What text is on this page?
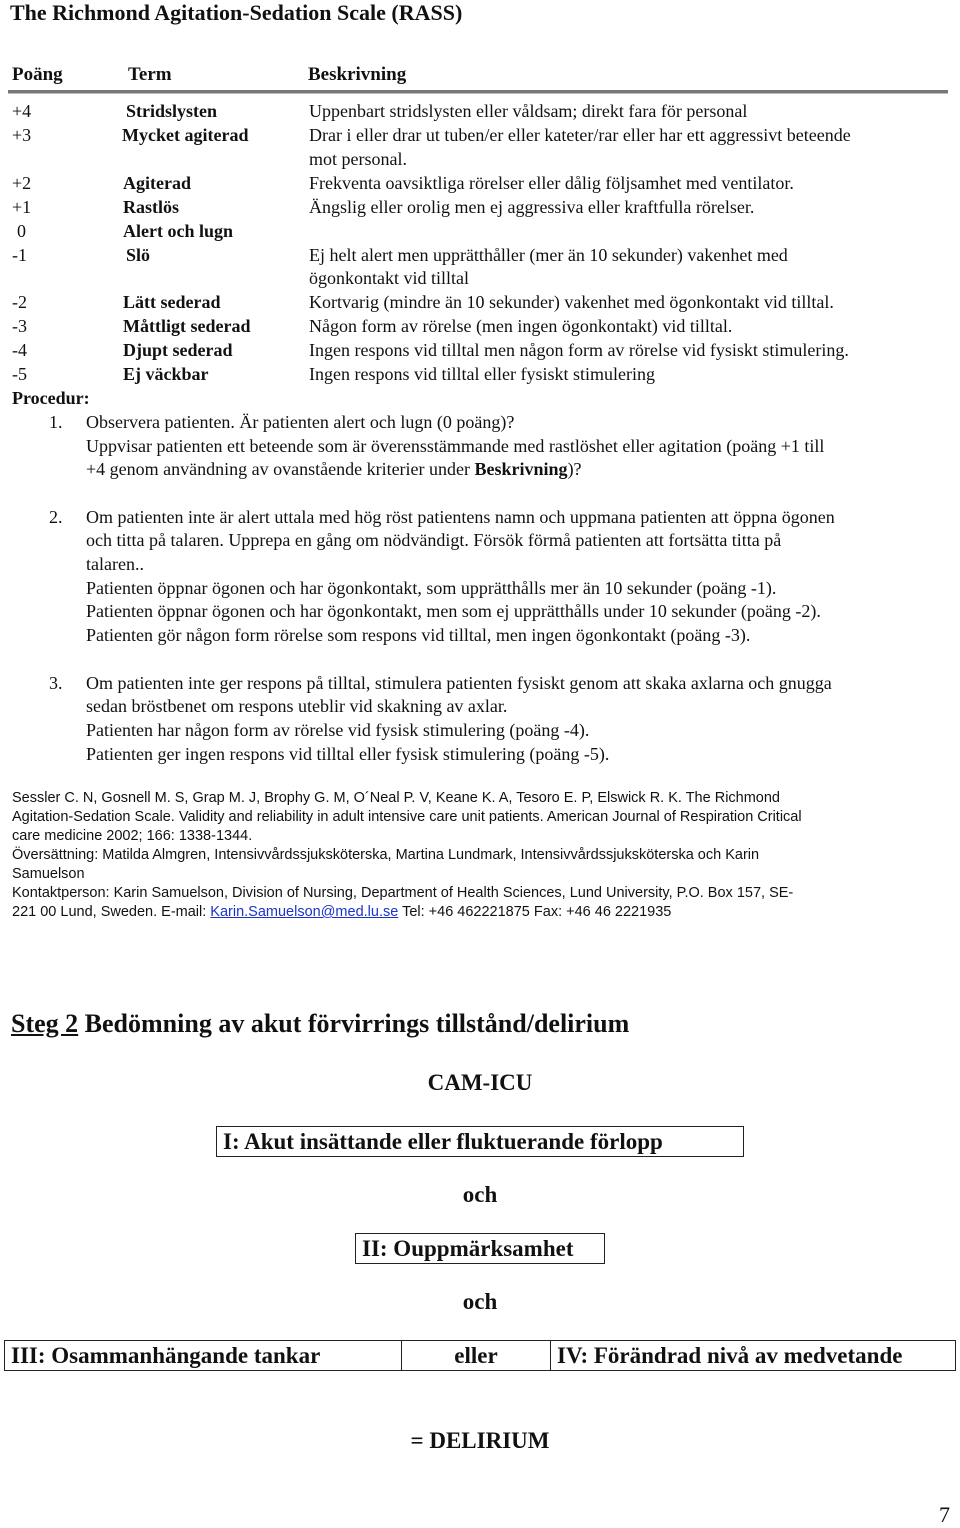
The Richmond Agitation-Sedation Scale (RASS)
Poäng	Term	Beskrivning
+4	Stridslysten	Uppenbart stridslysten eller våldsam; direkt fara för personal
+3	Mycket agiterad	Drar i eller drar ut tuben/er eller kateter/rar eller har ett aggressivt beteende
mot personal.
+2	Agiterad	Frekventa oavsiktliga rörelser eller dålig följsamhet med ventilator.
+1	Rastlös	Ängslig eller orolig men ej aggressiva eller kraftfulla rörelser.
0	Alert och lugn
-1	Slö	Ej helt alert men upprätthåller (mer än 10 sekunder) vakenhet med
ögonkontakt vid tilltal
-2	Lätt sederad	Kortvarig (mindre än 10 sekunder) vakenhet med ögonkontakt vid tilltal.
-3	Måttligt sederad	Någon form av rörelse (men ingen ögonkontakt) vid tilltal.
-4	Djupt sederad	Ingen respons vid tilltal men någon form av rörelse vid fysiskt stimulering.
-5	Ej väckbar	Ingen respons vid tilltal eller fysiskt stimulering
Procedur:
1. Observera patienten. Är patienten alert och lugn (0 poäng)?
Uppvisar patienten ett beteende som är överensstämmande med rastlöshet eller agitation (poäng +1 till
+4 genom användning av ovanstående kriterier under Beskrivning)?
2. Om patienten inte är alert uttala med hög röst patientens namn och uppmana patienten att öppna ögonen
och titta på talaren. Upprepa en gång om nödvändigt. Försök förmå patienten att fortsätta titta på
talaren..
Patienten öppnar ögonen och har ögonkontakt, som upprätthålls mer än 10 sekunder (poäng -1).
Patienten öppnar ögonen och har ögonkontakt, men som ej upprätthålls under 10 sekunder (poäng -2).
Patienten gör någon form rörelse som respons vid tilltal, men ingen ögonkontakt (poäng -3).
3. Om patienten inte ger respons på tilltal, stimulera patienten fysiskt genom att skaka axlarna och gnugga
sedan bröstbenet om respons uteblir vid skakning av axlar.
Patienten har någon form av rörelse vid fysisk stimulering (poäng -4).
Patienten ger ingen respons vid tilltal eller fysisk stimulering (poäng -5).
Sessler C. N, Gosnell M. S, Grap M. J, Brophy G. M, O´Neal P. V, Keane K. A, Tesoro E. P, Elswick R. K. The Richmond
Agitation-Sedation Scale. Validity and reliability in adult intensive care unit patients. American Journal of Respiration Critical
care medicine 2002; 166: 1338-1344.
Översättning: Matilda Almgren, Intensivvårdssjuksköterska, Martina Lundmark, Intensivvårdssjuksköterska och Karin
Samuelson
Kontaktperson: Karin Samuelson, Division of Nursing, Department of Health Sciences, Lund University, P.O. Box 157, SE-
221 00 Lund, Sweden. E-mail: Karin.Samuelson@med.lu.se Tel: +46 462221875 Fax: +46 46 2221935
Steg 2 Bedömning av akut förvirrings tillstånd/delirium
CAM-ICU
I: Akut insättande eller fluktuerande förlopp
och
II: Ouppmärksamhet
och
III: Osammanhängande tankar	eller	IV: Förändrad nivå av medvetande
= DELIRIUM
7
